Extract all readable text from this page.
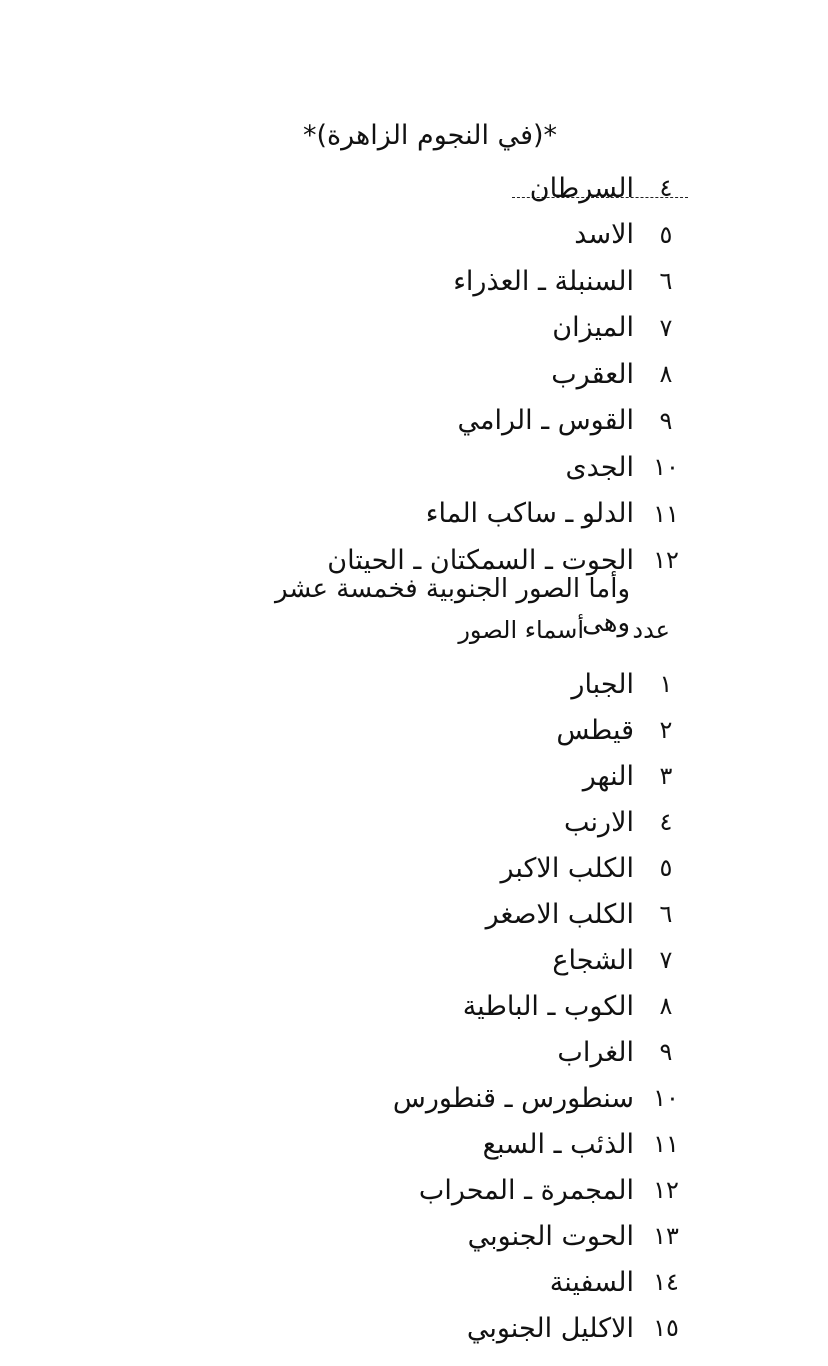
*(في النجوم الزاهرة)*
٤
السرطان
٥
الاسد
٦
السنبلة ـ العذراء
٧
الميزان
٨
العقرب
٩
القوس ـ الرامي
١٠
الجدى
١١
الدلو ـ ساكب الماء
١٢
الحوت ـ السمكتان ـ الحيتان
وأما الصور الجنوبية فخمسة عشر وهى عدد
أسماء الصور
١
الجبار
٢
قيطس
٣
النهر
٤
الارنب
٥
الكلب الاكبر
٦
الكلب الاصغر
٧
الشجاع
٨
الكوب ـ الباطية
٩
الغراب
١٠
سنطورس ـ قنطورس
١١
الذئب ـ السبع
١٢
المجمرة ـ المحراب
١٣
الحوت الجنوبي
١٤
السفينة
١٥
الاكليل الجنوبي
